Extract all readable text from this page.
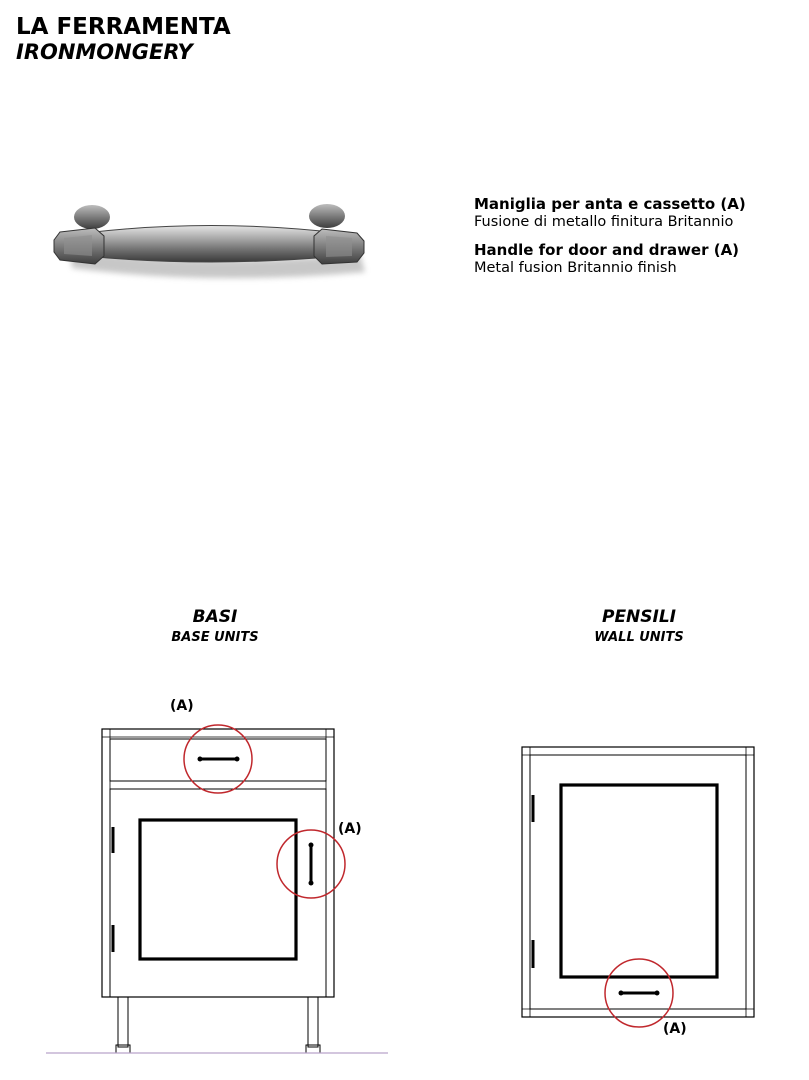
LA FERRAMENTA
IRONMONGERY
Maniglia per anta e cassetto (A)
Fusione di metallo finitura Britannio
Handle for door and drawer (A)
Metal fusion Britannio finish
BASI
BASE UNITS
PENSILI
WALL UNITS
(A)
(A)
(A)
